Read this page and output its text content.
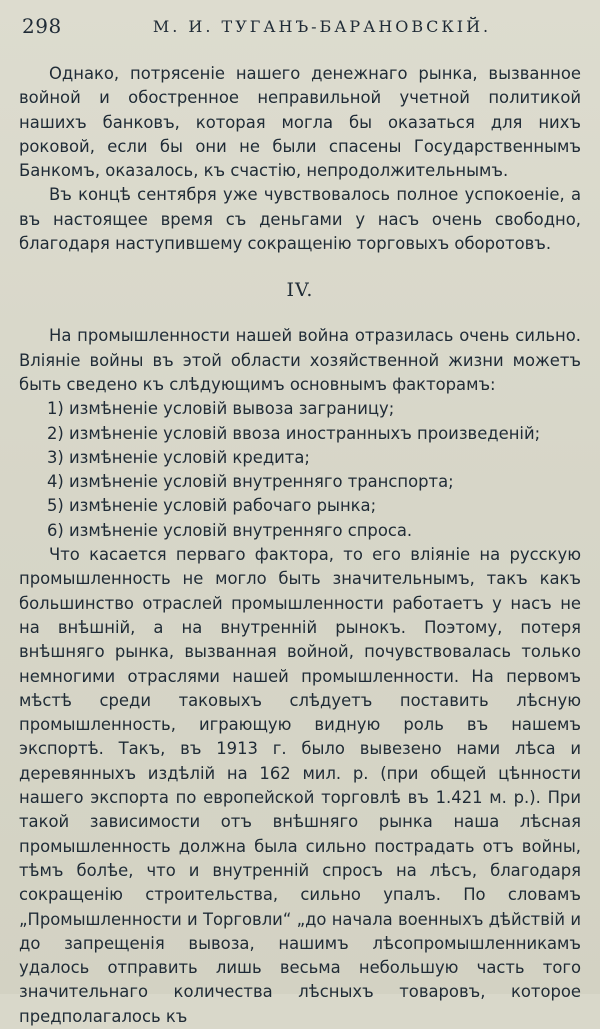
298	М. И. ТУГАНЪ-БАРАНОВСКІЙ.

Однако, потрясеніе нашего денежнаго рынка, вызванное войной и обостренное неправильной учетной политикой нашихъ банковъ, которая могла бы оказаться для нихъ роковой, если бы они не были спасены Государственнымъ Банкомъ, оказалось, къ счастію, непродолжительнымъ.

Въ концѣ сентября уже чувствовалось полное успокоеніе, а въ настоящее время съ деньгами у насъ очень свободно, благодаря наступившему сокращенію торговыхъ оборотовъ.

IV.

На промышленности нашей война отразилась очень сильно. Вліяніе войны въ этой области хозяйственной жизни можетъ быть сведено къ слѣдующимъ основнымъ факторамъ:

1) измѣненіе условій вывоза заграницу;
2) измѣненіе условій ввоза иностранныхъ произведеній;
3) измѣненіе условій кредита;
4) измѣненіе условій внутренняго транспорта;
5) измѣненіе условій рабочаго рынка;
6) измѣненіе условій внутренняго спроса.

Что касается перваго фактора, то его вліяніе на русскую промышленность не могло быть значительнымъ, такъ какъ большинство отраслей промышленности работаетъ у насъ не на внѣшній, а на внутренній рынокъ. Поэтому, потеря внѣшняго рынка, вызванная войной, почувствовалась только немногими отраслями нашей промышленности. На первомъ мѣстѣ среди таковыхъ слѣдуетъ поставить лѣсную промышленность, играющую видную роль въ нашемъ экспортѣ. Такъ, въ 1913 г. было вывезено нами лѣса и деревянныхъ издѣлій на 162 мил. р. (при общей цѣнности нашего экспорта по европейской торговлѣ въ 1.421 м. р.). При такой зависимости отъ внѣшняго рынка наша лѣсная промышленность должна была сильно пострадать отъ войны, тѣмъ болѣе, что и внутренній спросъ на лѣсъ, благодаря сокращенію строительства, сильно упалъ. По словамъ „Промышленности и Торговли“ „до начала военныхъ дѣйствій и до запрещенія вывоза, нашимъ лѣсопромышленникамъ удалось отправить лишь весьма небольшую часть того значительнаго количества лѣсныхъ товаровъ, которое предполагалось къ
